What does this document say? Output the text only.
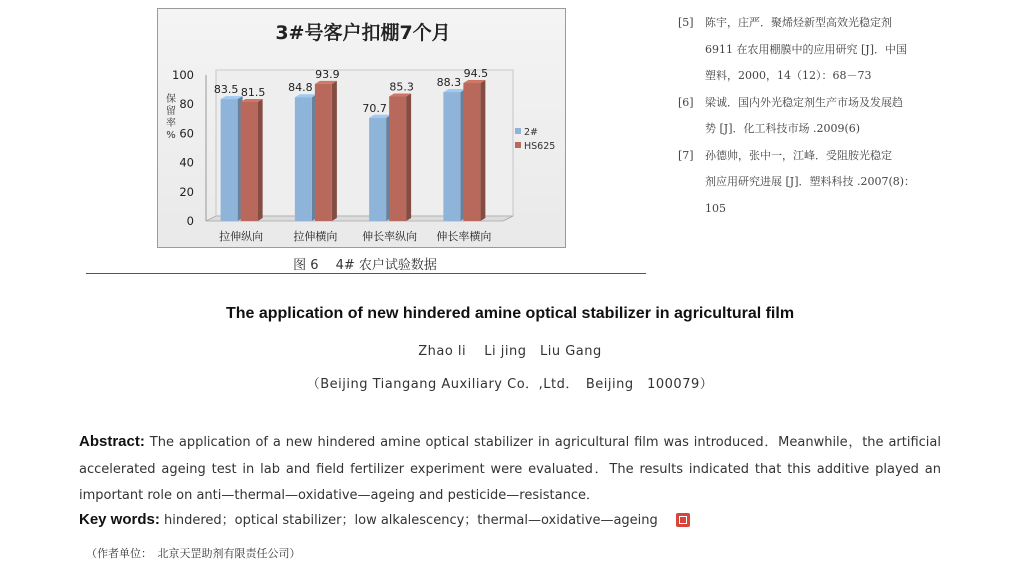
3#号客户扣棚7个月
0
20
40
60
80
100
保
留
率
%
83.5 81.5
拉伸纵向
84.8
93.9
拉伸横向
70.7
85.3
伸长率纵向
88.3
94.5
伸长率横向
2#
HS625
图 6　 4# 农户试验数据
[5] 陈宇，庄严．聚烯烃新型高效光稳定剂
6911 在农用棚膜中的应用研究 [J]．中国
塑料，2000，14（12）：68－73
[6] 梁诚．国内外光稳定剂生产市场及发展趋
势 [J]．化工科技市场 .2009(6)
[7] 孙德帅，张中一，江峰．受阻胺光稳定
剂应用研究进展 [J]．塑料科技 .2007(8)：
105
The application of new hindered amine optical stabilizer in agricultural film
Zhao li　 Li jing　Liu Gang
（Beijing Tiangang Auxiliary Co．,Ltd．　Beijing　100079）
Abstract: The application of a new hindered amine optical stabilizer in agricultural film was introduced．Meanwhile，the artificial accelerated ageing test in lab and field fertilizer experiment were evaluated．The results indicated that this additive played an important role on anti—thermal—oxidative—ageing and pesticide—resistance．
Key words: hindered；optical stabilizer；low alkalescency；thermal—oxidative—ageing
（作者单位：　北京天罡助剂有限责任公司）
